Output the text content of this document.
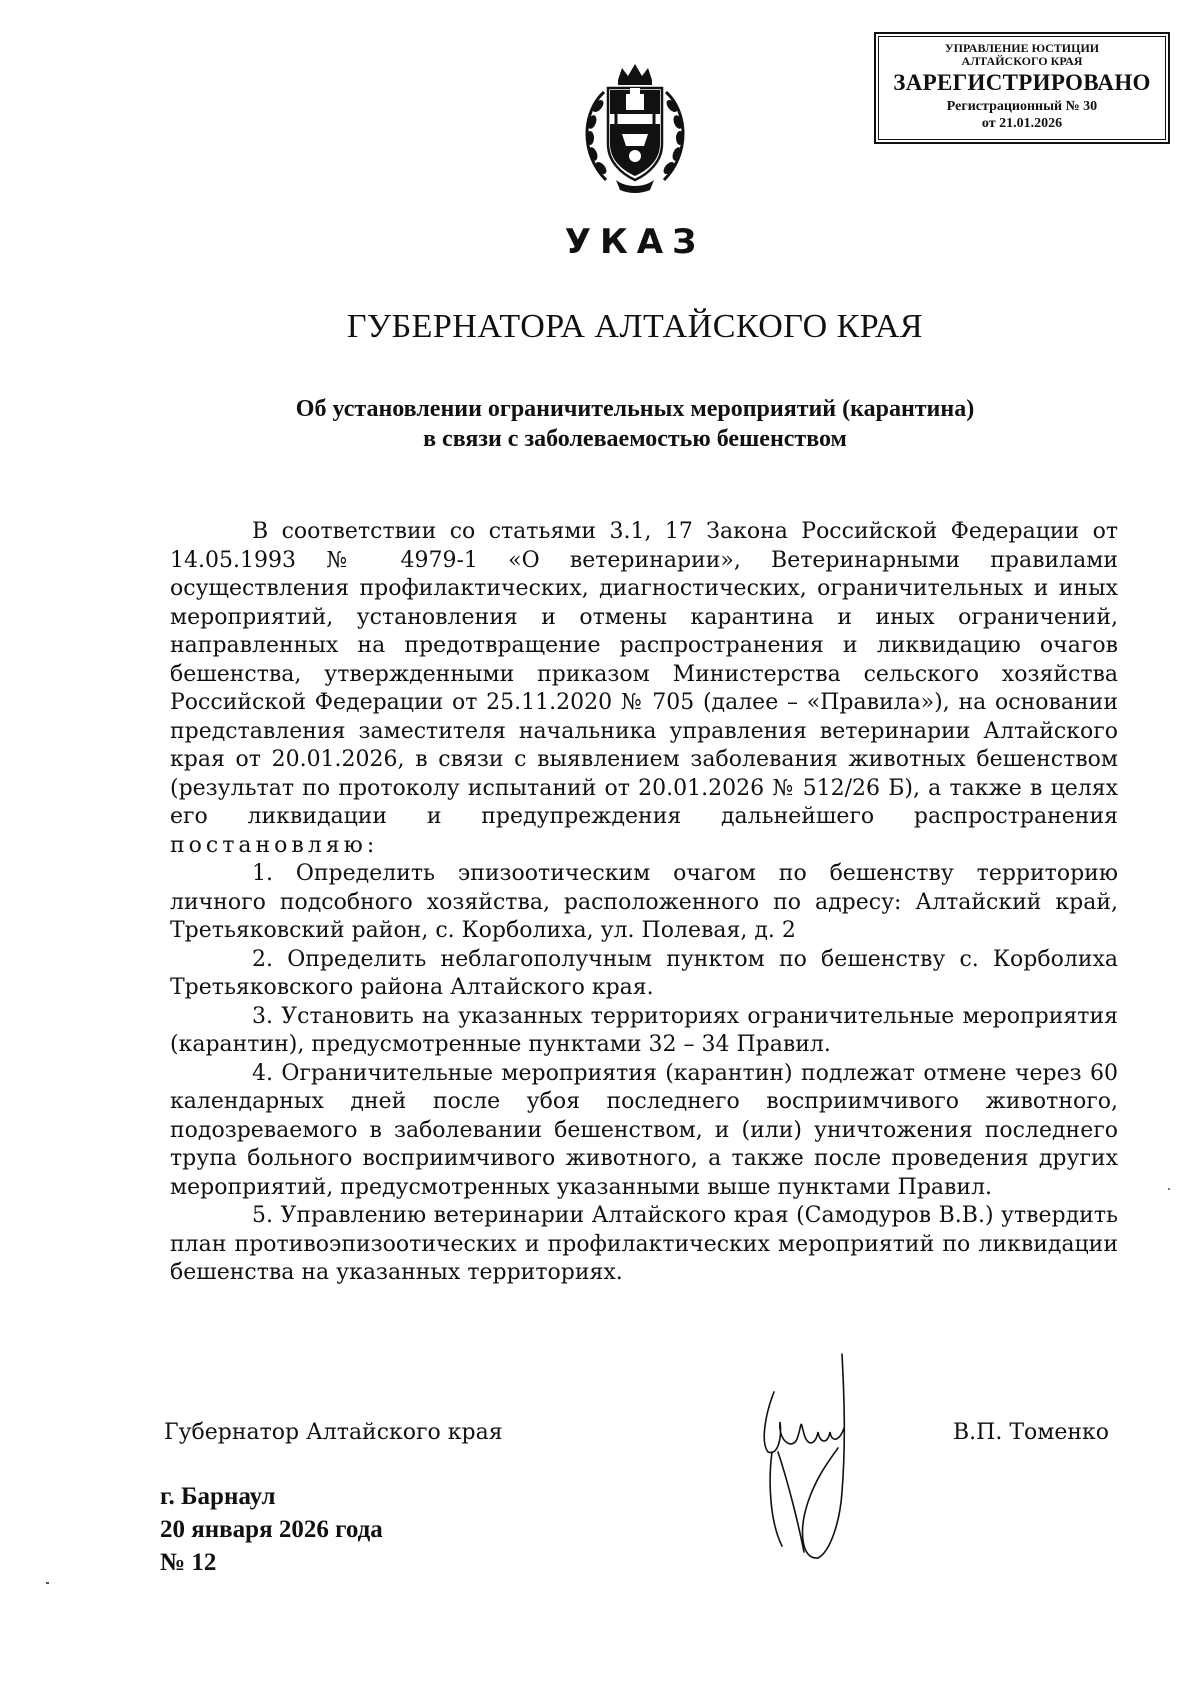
УПРАВЛЕНИЕ ЮСТИЦИИ
АЛТАЙСКОГО КРАЯ
ЗАРЕГИСТРИРОВАНО
Регистрационный № 30
от 21.01.2026
УКАЗ
ГУБЕРНАТОРА АЛТАЙСКОГО КРАЯ
Об установлении ограничительных мероприятий (карантина)
в связи с заболеваемостью бешенством

В соответствии со статьями 3.1, 17 Закона Российской Федерации от 14.05.1993 № 4979-1 «О ветеринарии», Ветеринарными правилами осуществления профилактических, диагностических, ограничительных и иных мероприятий, установления и отмены карантина и иных ограничений, направленных на предотвращение распространения и ликвидацию очагов бешенства, утвержденными приказом Министерства сельского хозяйства Российской Федерации от 25.11.2020 № 705 (далее – «Правила»), на основании представления заместителя начальника управления ветеринарии Алтайского края от 20.01.2026, в связи с выявлением заболевания животных бешенством (результат по протоколу испытаний от 20.01.2026 № 512/26 Б), а также в целях его ликвидации и предупреждения дальнейшего распространения постановляю:

1. Определить эпизоотическим очагом по бешенству территорию личного подсобного хозяйства, расположенного по адресу: Алтайский край, Третьяковский район, с. Корболиха, ул. Полевая, д. 2

2. Определить неблагополучным пунктом по бешенству с. Корболиха Третьяковского района Алтайского края.

3. Установить на указанных территориях ограничительные мероприятия (карантин), предусмотренные пунктами 32 – 34 Правил.

4. Ограничительные мероприятия (карантин) подлежат отмене через 60 календарных дней после убоя последнего восприимчивого животного, подозреваемого в заболевании бешенством, и (или) уничтожения последнего трупа больного восприимчивого животного, а также после проведения других мероприятий, предусмотренных указанными выше пунктами Правил.

5. Управлению ветеринарии Алтайского края (Самодуров В.В.) утвердить план противоэпизоотических и профилактических мероприятий по ликвидации бешенства на указанных территориях.

Губернатор Алтайского края	В.П. Томенко
г. Барнаул
20 января 2026 года
№ 12
